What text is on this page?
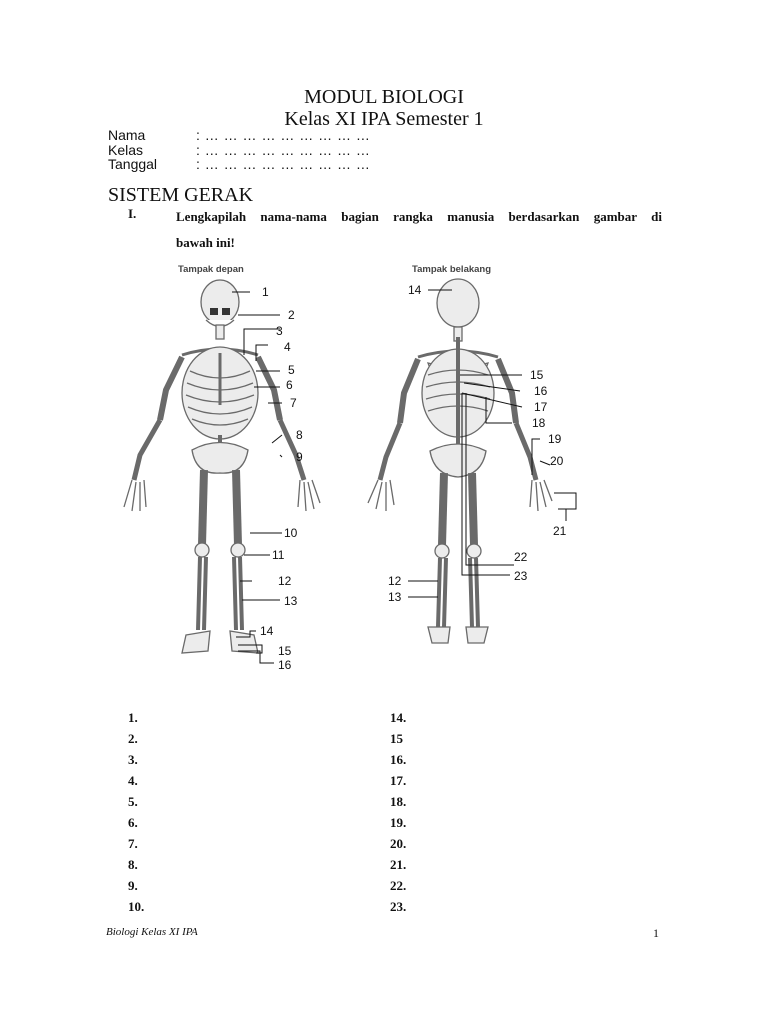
MODUL BIOLOGI
Kelas XI IPA Semester 1
Nama	: … … … … … … … … …
Kelas	: … … … … … … … … …
Tanggal	: … … … … … … … … …
SISTEM GERAK
I.	Lengkapilah nama-nama bagian rangka manusia berdasarkan gambar di
bawah ini!
Tampak depan	Tampak belakang
1
2
3
4
5
6
7
8
9
10
11
12
13
14
15
16
14
15
16
17
18
19
20
21
22
23
12
13
1.
2.
3.
4.
5.
6.
7.
8.
9.
10.
14.
15
16.
17.
18.
19.
20.
21.
22.
23.
Biologi Kelas XI IPA	1
